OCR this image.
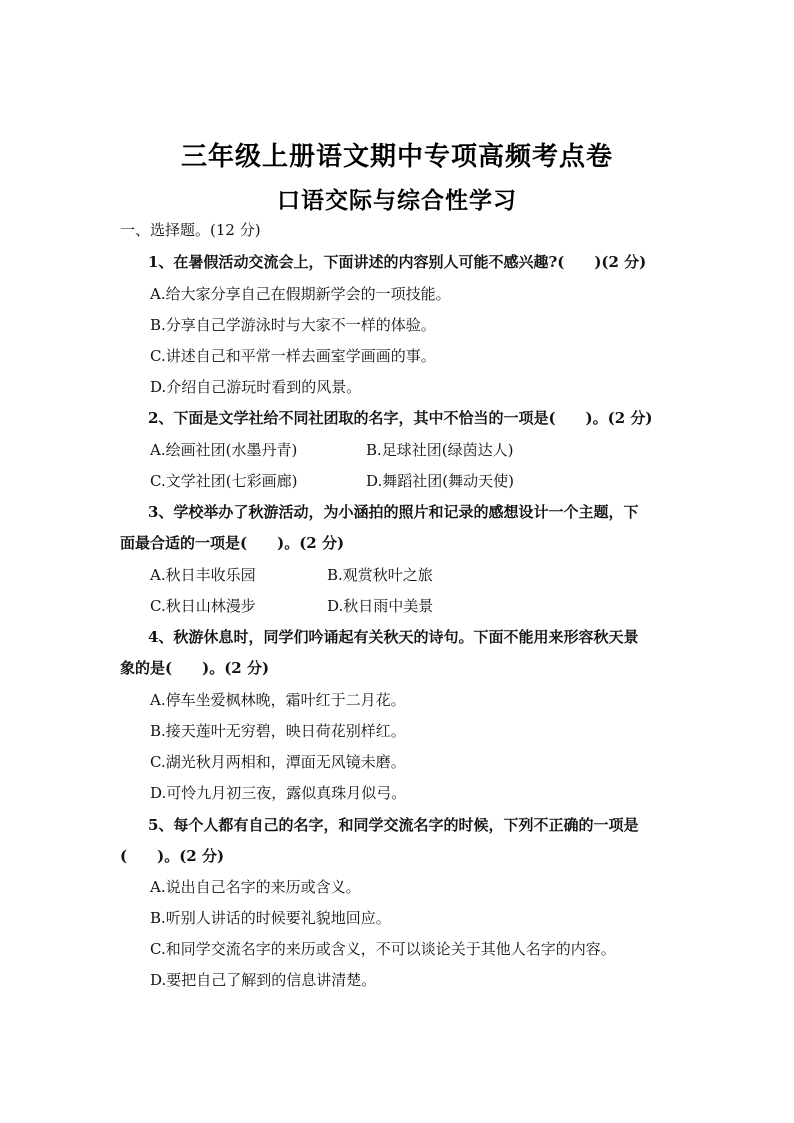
三年级上册语文期中专项高频考点卷
口语交际与综合性学习
一、选择题。(12 分)
1、在暑假活动交流会上，下面讲述的内容别人可能不感兴趣?(　　)(2 分)
A.给大家分享自己在假期新学会的一项技能。
B.分享自己学游泳时与大家不一样的体验。
C.讲述自己和平常一样去画室学画画的事。
D.介绍自己游玩时看到的风景。
2、下面是文学社给不同社团取的名字，其中不恰当的一项是(　　)。(2 分)
A.绘画社团(水墨丹青)	B.足球社团(绿茵达人)
C.文学社团(七彩画廊)	D.舞蹈社团(舞动天使)
3、学校举办了秋游活动，为小涵拍的照片和记录的感想设计一个主题，下
面最合适的一项是(　　)。(2 分)
A.秋日丰收乐园	B.观赏秋叶之旅
C.秋日山林漫步	D.秋日雨中美景
4、秋游休息时，同学们吟诵起有关秋天的诗句。下面不能用来形容秋天景
象的是(　　)。(2 分)
A.停车坐爱枫林晚，霜叶红于二月花。
B.接天莲叶无穷碧，映日荷花别样红。
C.湖光秋月两相和，潭面无风镜未磨。
D.可怜九月初三夜，露似真珠月似弓。
5、每个人都有自己的名字，和同学交流名字的时候，下列不正确的一项是
(　　)。(2 分)
A.说出自己名字的来历或含义。
B.听别人讲话的时候要礼貌地回应。
C.和同学交流名字的来历或含义，不可以谈论关于其他人名字的内容。
D.要把自己了解到的信息讲清楚。
